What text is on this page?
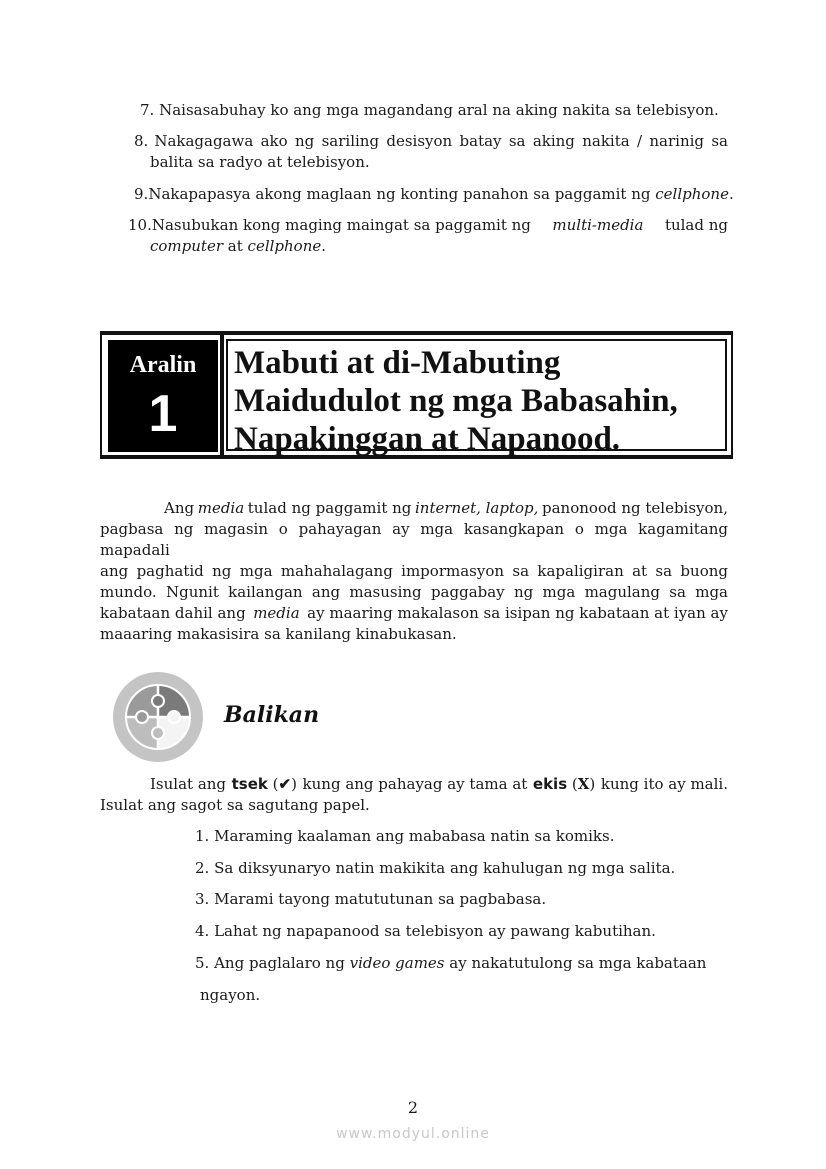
7. Naisasabuhay ko ang mga magandang aral na aking nakita sa telebisyon.
8. Nakagagawa ako ng sariling desisyon batay sa aking nakita / narinig sa
balita sa radyo at telebisyon.
9.Nakapapasya akong maglaan ng konting panahon sa paggamit ng cellphone.
10. Nasubukan kong maging maingat sa paggamit ng multi-media tulad ng
computer at cellphone.
Aralin
1
Mabuti at di-Mabuting
Maidudulot ng mga Babasahin,
Napakinggan at Napanood.
Ang media tulad ng paggamit ng internet, laptop, panonood ng telebisyon,
pagbasa ng magasin o pahayagan ay mga kasangkapan o mga kagamitang mapadali
ang paghatid ng mga mahahalagang impormasyon sa kapaligiran at sa buong
mundo. Ngunit kailangan ang masusing paggabay ng mga magulang sa mga
kabataan dahil ang media ay maaring makalason sa isipan ng kabataan at iyan ay
maaaring makasisira sa kanilang kinabukasan.
Balikan
Isulat ang tsek (✔) kung ang pahayag ay tama at ekis (X) kung ito ay mali.
Isulat ang sagot sa sagutang papel.
1. Maraming kaalaman ang mababasa natin sa komiks.
2. Sa diksyunaryo natin makikita ang kahulugan ng mga salita.
3. Marami tayong matututunan sa pagbabasa.
4. Lahat ng napapanood sa telebisyon ay pawang kabutihan.
5. Ang paglalaro ng video games ay nakatutulong sa mga kabataan
ngayon.
2
www.modyul.online
